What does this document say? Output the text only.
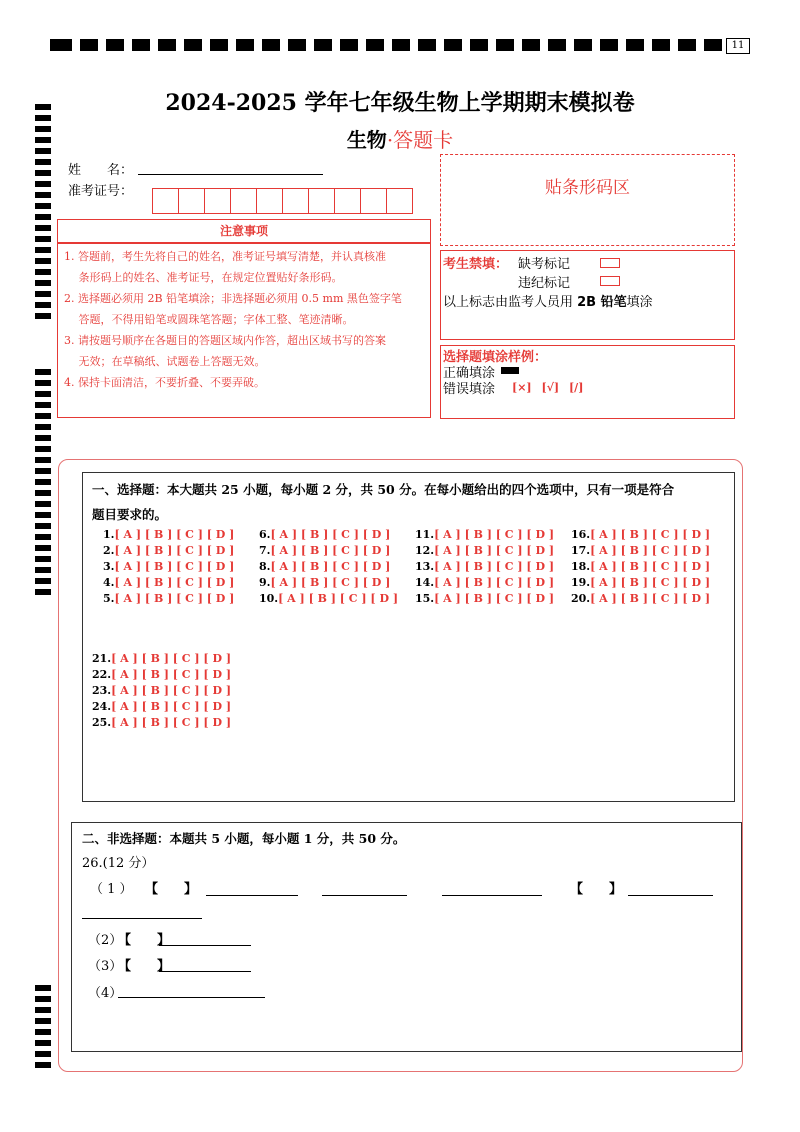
11
2024-2025 学年七年级生物上学期期末模拟卷
生物·答题卡
姓　　名：
准考证号：	贴条形码区
注意事项
1. 答题前，考生先将自己的姓名，准考证号填写清楚，并认真核准
　 条形码上的姓名、准考证号，在规定位置贴好条形码。
2. 选择题必须用 2B 铅笔填涂；非选择题必须用 0.5 mm 黑色签字笔
　 答题，不得用铅笔或圆珠笔答题；字体工整、笔迹清晰。
3. 请按题号顺序在各题目的答题区域内作答，超出区域书写的答案
　 无效；在草稿纸、试题卷上答题无效。
4. 保持卡面清洁，不要折叠、不要弄破。
考生禁填： 缺考标记
违纪标记
以上标志由监考人员用 2B 铅笔填涂
选择题填涂样例：
正确填涂
错误填涂 [×] [√] [/]
一、选择题：本大题共 25 小题，每小题 2 分，共 50 分。在每小题给出的四个选项中，只有一项是符合
题目要求的。
1.[ A ] [ B ] [ C ] [ D ]
2.[ A ] [ B ] [ C ] [ D ]
3.[ A ] [ B ] [ C ] [ D ]
4.[ A ] [ B ] [ C ] [ D ]
5.[ A ] [ B ] [ C ] [ D ]
6.[ A ] [ B ] [ C ] [ D ]
7.[ A ] [ B ] [ C ] [ D ]
8.[ A ] [ B ] [ C ] [ D ]
9.[ A ] [ B ] [ C ] [ D ]
10.[ A ] [ B ] [ C ] [ D ]
11.[ A ] [ B ] [ C ] [ D ]
12.[ A ] [ B ] [ C ] [ D ]
13.[ A ] [ B ] [ C ] [ D ]
14.[ A ] [ B ] [ C ] [ D ]
15.[ A ] [ B ] [ C ] [ D ]
16.[ A ] [ B ] [ C ] [ D ]
17.[ A ] [ B ] [ C ] [ D ]
18.[ A ] [ B ] [ C ] [ D ]
19.[ A ] [ B ] [ C ] [ D ]
20.[ A ] [ B ] [ C ] [ D ]
21.[ A ] [ B ] [ C ] [ D ]
22.[ A ] [ B ] [ C ] [ D ]
23.[ A ] [ B ] [ C ] [ D ]
24.[ A ] [ B ] [ C ] [ D ]
25.[ A ] [ B ] [ C ] [ D ]
二、非选择题：本题共 5 小题，每小题 1 分，共 50 分。
26.(12 分）
（ 1 ） 【　　】	【　　】
（2）
【　　】
（3）
【　　】
（4）
